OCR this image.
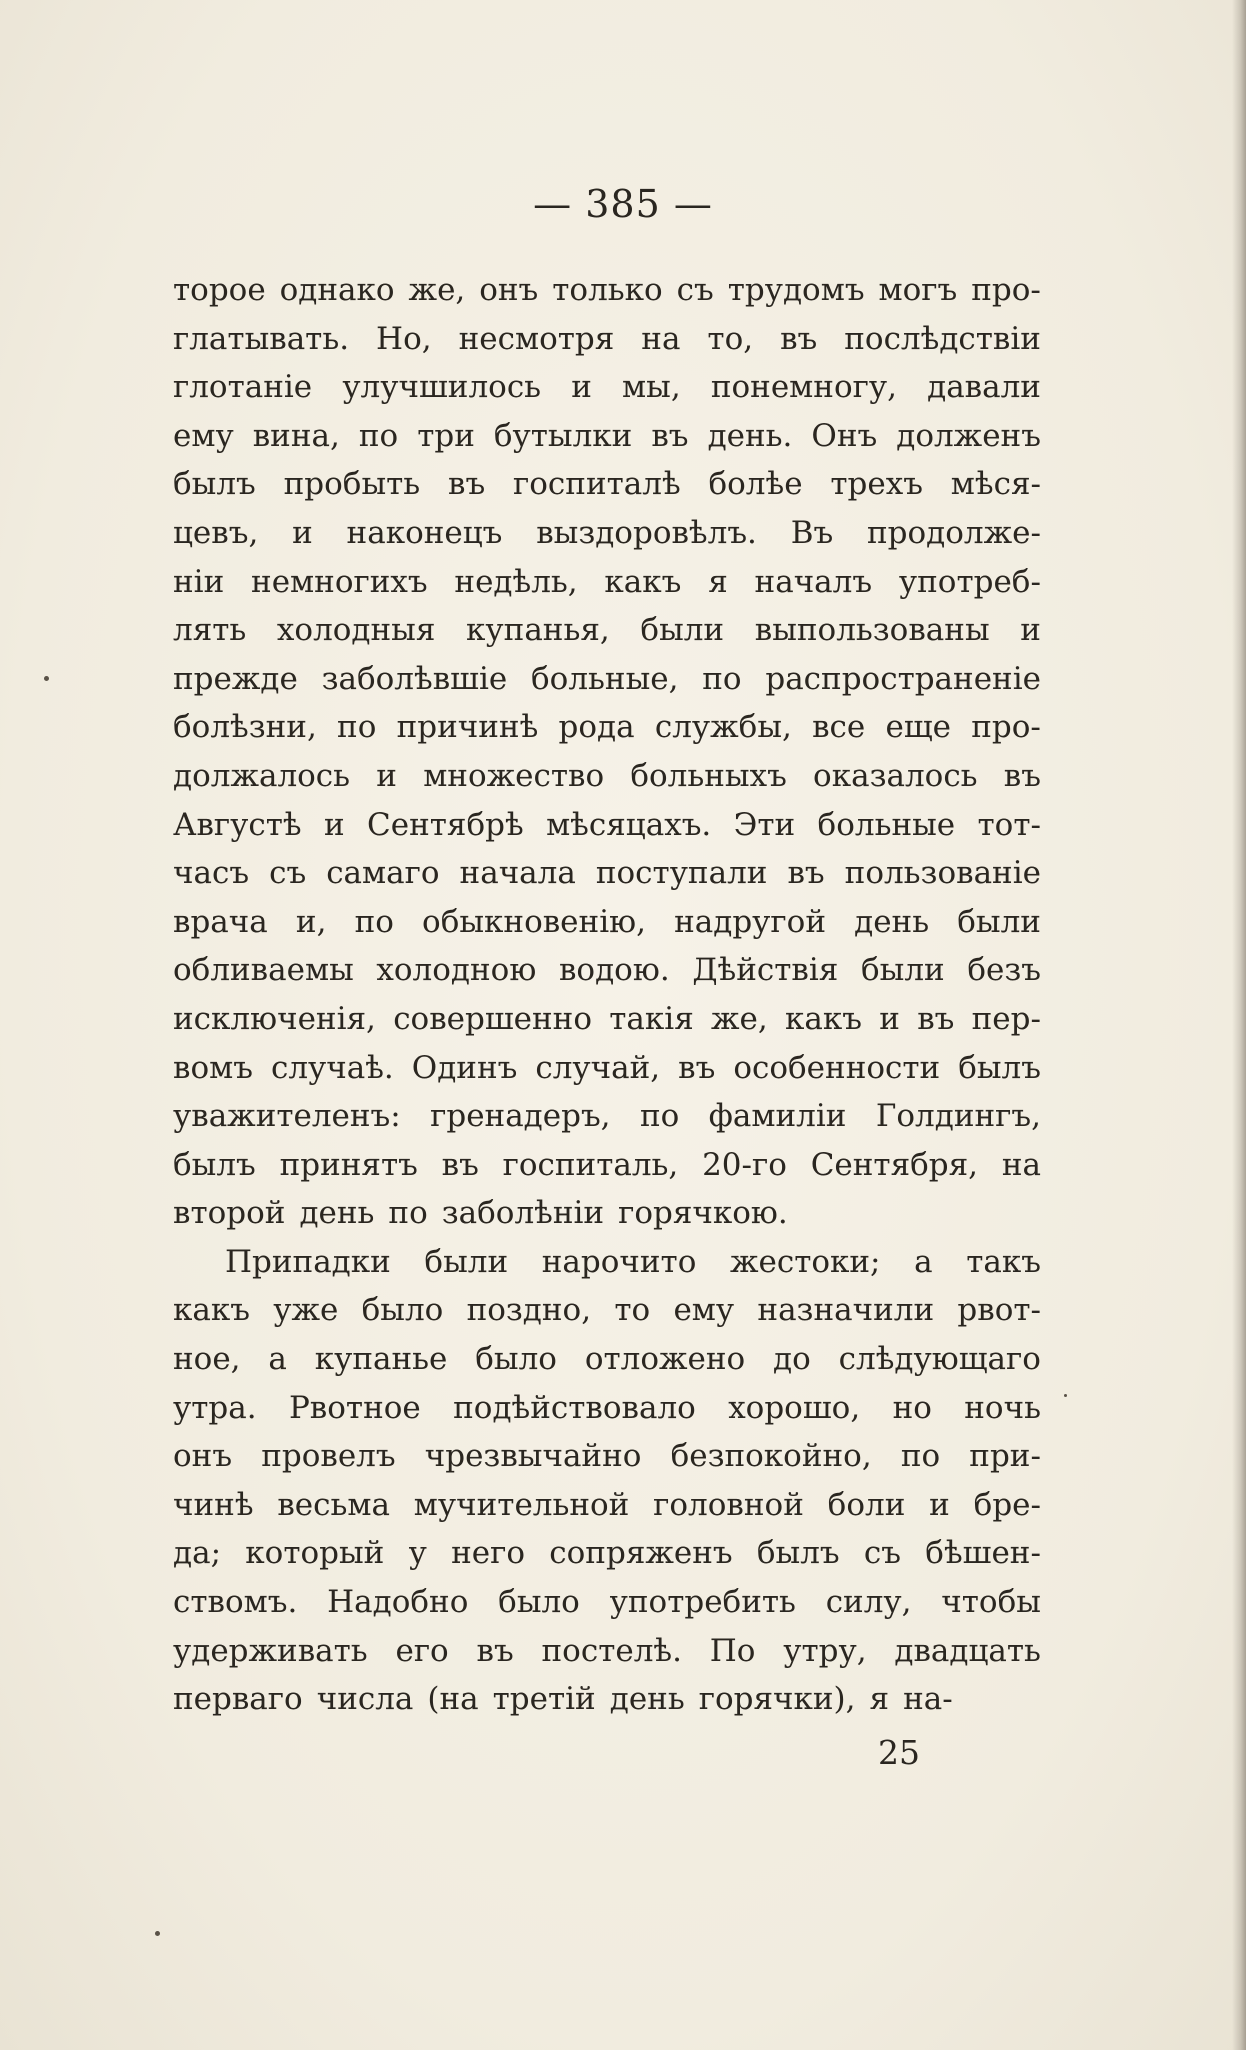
— 385 —
торое однако же, онъ только съ трудомъ могъ про-
глатывать. Но, несмотря на то, въ послѣдствіи
глотаніе улучшилось и мы, понемногу, давали
ему вина, по три бутылки въ день. Онъ долженъ
былъ пробыть въ госпиталѣ болѣе трехъ мѣся-
цевъ, и наконецъ выздоровѣлъ. Въ продолже-
ніи немногихъ недѣль, какъ я началъ употреб-
лять холодныя купанья, были выпользованы и
прежде заболѣвшіе больные, по распространеніе
болѣзни, по причинѣ рода службы, все еще про-
должалось и множество больныхъ оказалось въ
Августѣ и Сентябрѣ мѣсяцахъ. Эти больные тот-
часъ съ самаго начала поступали въ пользованіе
врача и, по обыкновенію, надругой день были
обливаемы холодною водою. Дѣйствія были безъ
исключенія, совершенно такія же, какъ и въ пер-
вомъ случаѣ. Одинъ случай, въ особенности былъ
уважителенъ: гренадеръ, по фамиліи Голдингъ,
былъ принятъ въ госпиталь, 20-го Сентября, на
второй день по заболѣніи горячкою.
Припадки были нарочито жестоки; а такъ
какъ уже было поздно, то ему назначили рвот-
ное, а купанье было отложено до слѣдующаго
утра. Рвотное подѣйствовало хорошо, но ночь
онъ провелъ чрезвычайно безпокойно, по при-
чинѣ весьма мучительной головной боли и бре-
да; который у него сопряженъ былъ съ бѣшен-
ствомъ. Надобно было употребить силу, чтобы
удерживать его въ постелѣ. По утру, двадцать
перваго числа (на третій день горячки), я на-
25
